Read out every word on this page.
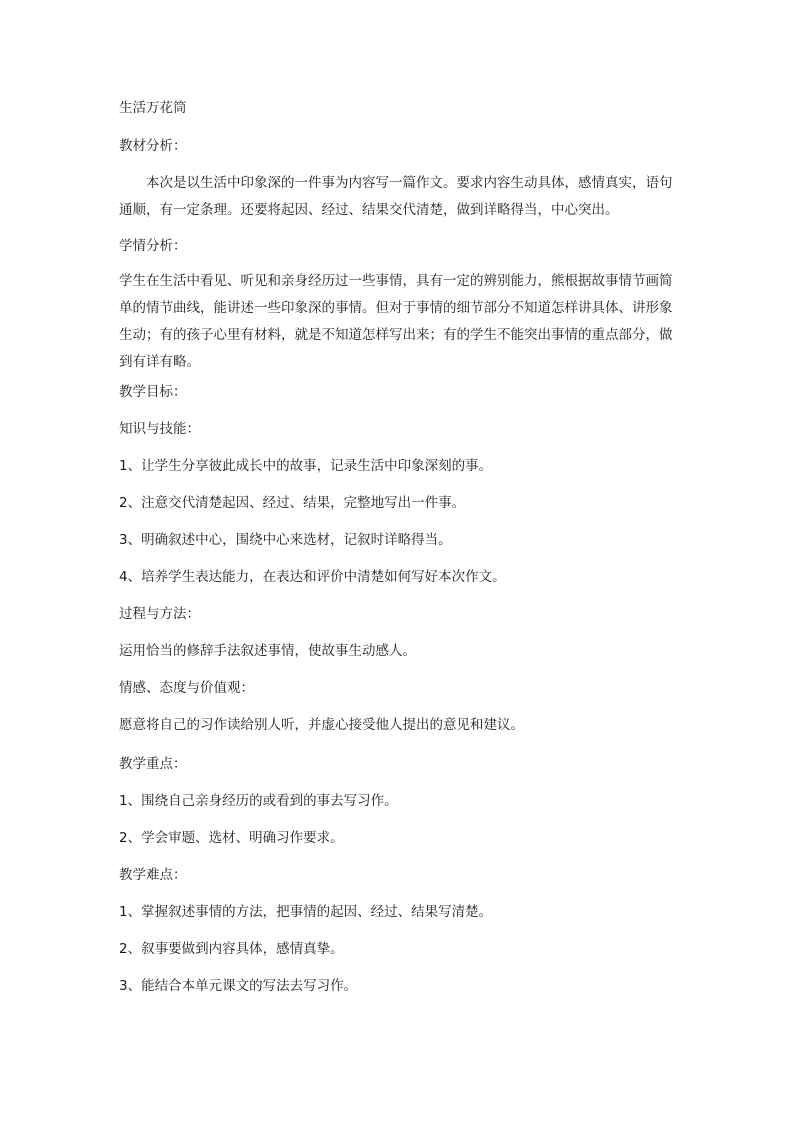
生活万花筒

教材分析：

本次是以生活中印象深的一件事为内容写一篇作文。要求内容生动具体，感情真实，语句通顺，有一定条理。还要将起因、经过、结果交代清楚，做到详略得当，中心突出。

学情分析：

学生在生活中看见、听见和亲身经历过一些事情，具有一定的辨别能力，熊根据故事情节画简单的情节曲线，能讲述一些印象深的事情。但对于事情的细节部分不知道怎样讲具体、讲形象生动；有的孩子心里有材料，就是不知道怎样写出来；有的学生不能突出事情的重点部分，做到有详有略。

教学目标：

知识与技能：

1、让学生分享彼此成长中的故事，记录生活中印象深刻的事。

2、注意交代清楚起因、经过、结果，完整地写出一件事。

3、明确叙述中心，围绕中心来选材，记叙时详略得当。

4、培养学生表达能力，在表达和评价中清楚如何写好本次作文。

过程与方法：

运用恰当的修辞手法叙述事情，使故事生动感人。

情感、态度与价值观：

愿意将自己的习作读给别人听，并虚心接受他人提出的意见和建议。

教学重点：

1、围绕自己亲身经历的或看到的事去写习作。

2、学会审题、选材、明确习作要求。

教学难点：

1、掌握叙述事情的方法，把事情的起因、经过、结果写清楚。

2、叙事要做到内容具体，感情真挚。

3、能结合本单元课文的写法去写习作。
